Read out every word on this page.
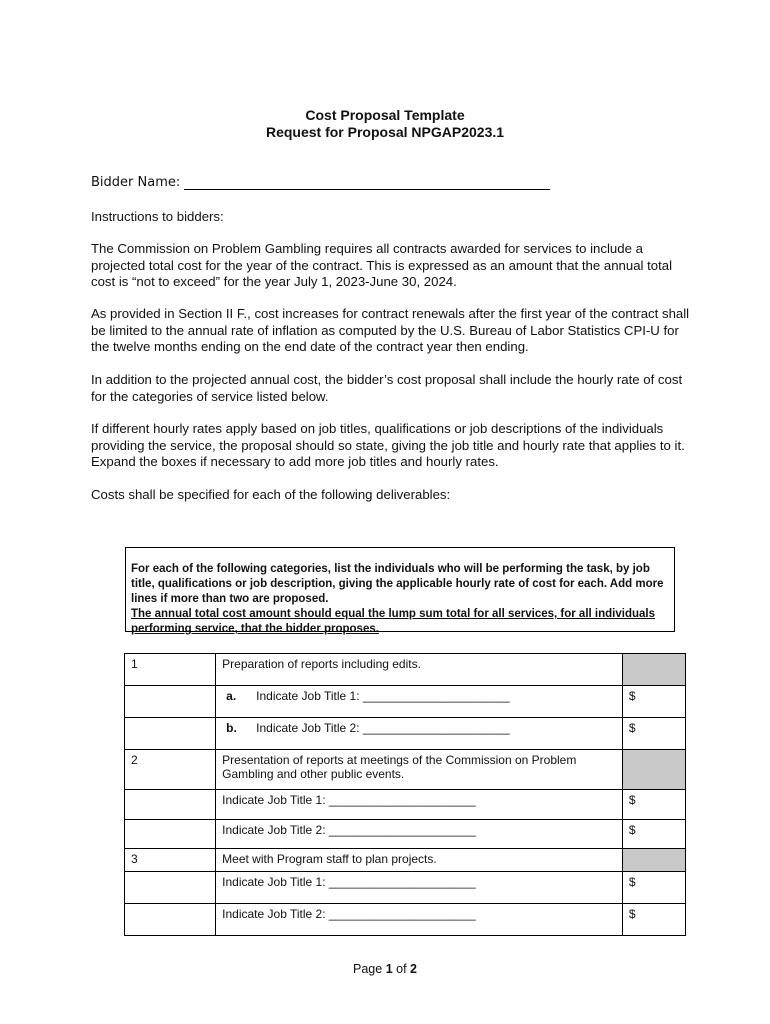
Cost Proposal Template
Request for Proposal NPGAP2023.1
Bidder Name:
Instructions to bidders:
The Commission on Problem Gambling requires all contracts awarded for services to include a projected total cost for the year of the contract. This is expressed as an amount that the annual total cost is “not to exceed” for the year July 1, 2023-June 30, 2024.
As provided in Section II F., cost increases for contract renewals after the first year of the contract shall be limited to the annual rate of inflation as computed by the U.S. Bureau of Labor Statistics CPI-U for the twelve months ending on the end date of the contract year then ending.
In addition to the projected annual cost, the bidder’s cost proposal shall include the hourly rate of cost for the categories of service listed below.
If different hourly rates apply based on job titles, qualifications or job descriptions of the individuals providing the service, the proposal should so state, giving the job title and hourly rate that applies to it. Expand the boxes if necessary to add more job titles and hourly rates.
Costs shall be specified for each of the following deliverables:

For each of the following categories, list the individuals who will be performing the task, by job title, qualifications or job description, giving the applicable hourly rate of cost for each. Add more lines if more than two are proposed.

The annual total cost amount should equal the lump sum total for all services, for all individuals performing service, that the bidder proposes.

1	Preparation of reports including edits.	

	a. Indicate Job Title 1: ______________________	$

	b. Indicate Job Title 2: ______________________	$
2	Presentation of reports at meetings of the Commission on Problem Gambling and other public events.	
	Indicate Job Title 1: ______________________	$
	Indicate Job Title 2: ______________________	$
3	Meet with Program staff to plan projects.	
	Indicate Job Title 1: ______________________	$
	Indicate Job Title 2: ______________________	$
Page 1 of 2
